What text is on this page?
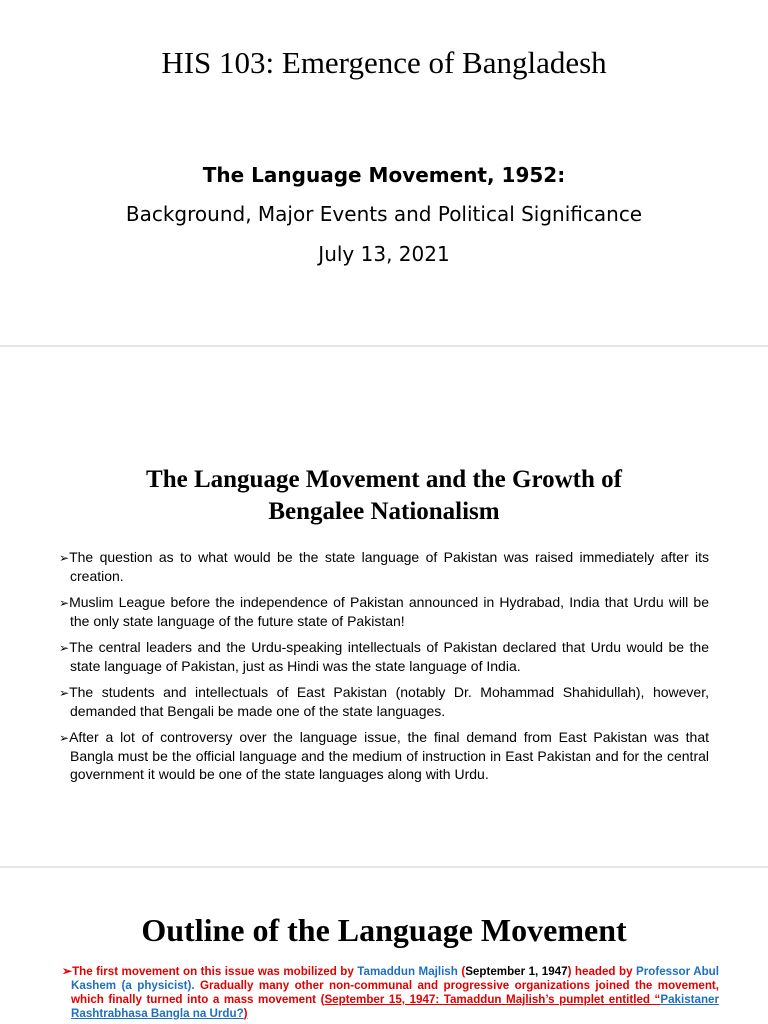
HIS 103: Emergence of Bangladesh
The Language Movement, 1952:
Background, Major Events and Political Significance
July 13, 2021
The Language Movement and the Growth of
Bengalee Nationalism
➢The question as to what would be the state language of Pakistan was raised immediately after its creation.
➢Muslim League before the independence of Pakistan announced in Hydrabad, India that Urdu will be the only state language of the future state of Pakistan!
➢The central leaders and the Urdu-speaking intellectuals of Pakistan declared that Urdu would be the state language of Pakistan, just as Hindi was the state language of India.
➢The students and intellectuals of East Pakistan (notably Dr. Mohammad Shahidullah), however, demanded that Bengali be made one of the state languages.
➢After a lot of controversy over the language issue, the final demand from East Pakistan was that Bangla must be the official language and the medium of instruction in East Pakistan and for the central government it would be one of the state languages along with Urdu.
Outline of the Language Movement
➢The first movement on this issue was mobilized by Tamaddun Majlish (September 1, 1947) headed by Professor Abul Kashem (a physicist). Gradually many other non-communal and progressive organizations joined the movement, which finally turned into a mass movement (September 15, 1947: Tamaddun Majlish’s pumplet entitled “Pakistaner Rashtrabhasa Bangla na Urdu?)
